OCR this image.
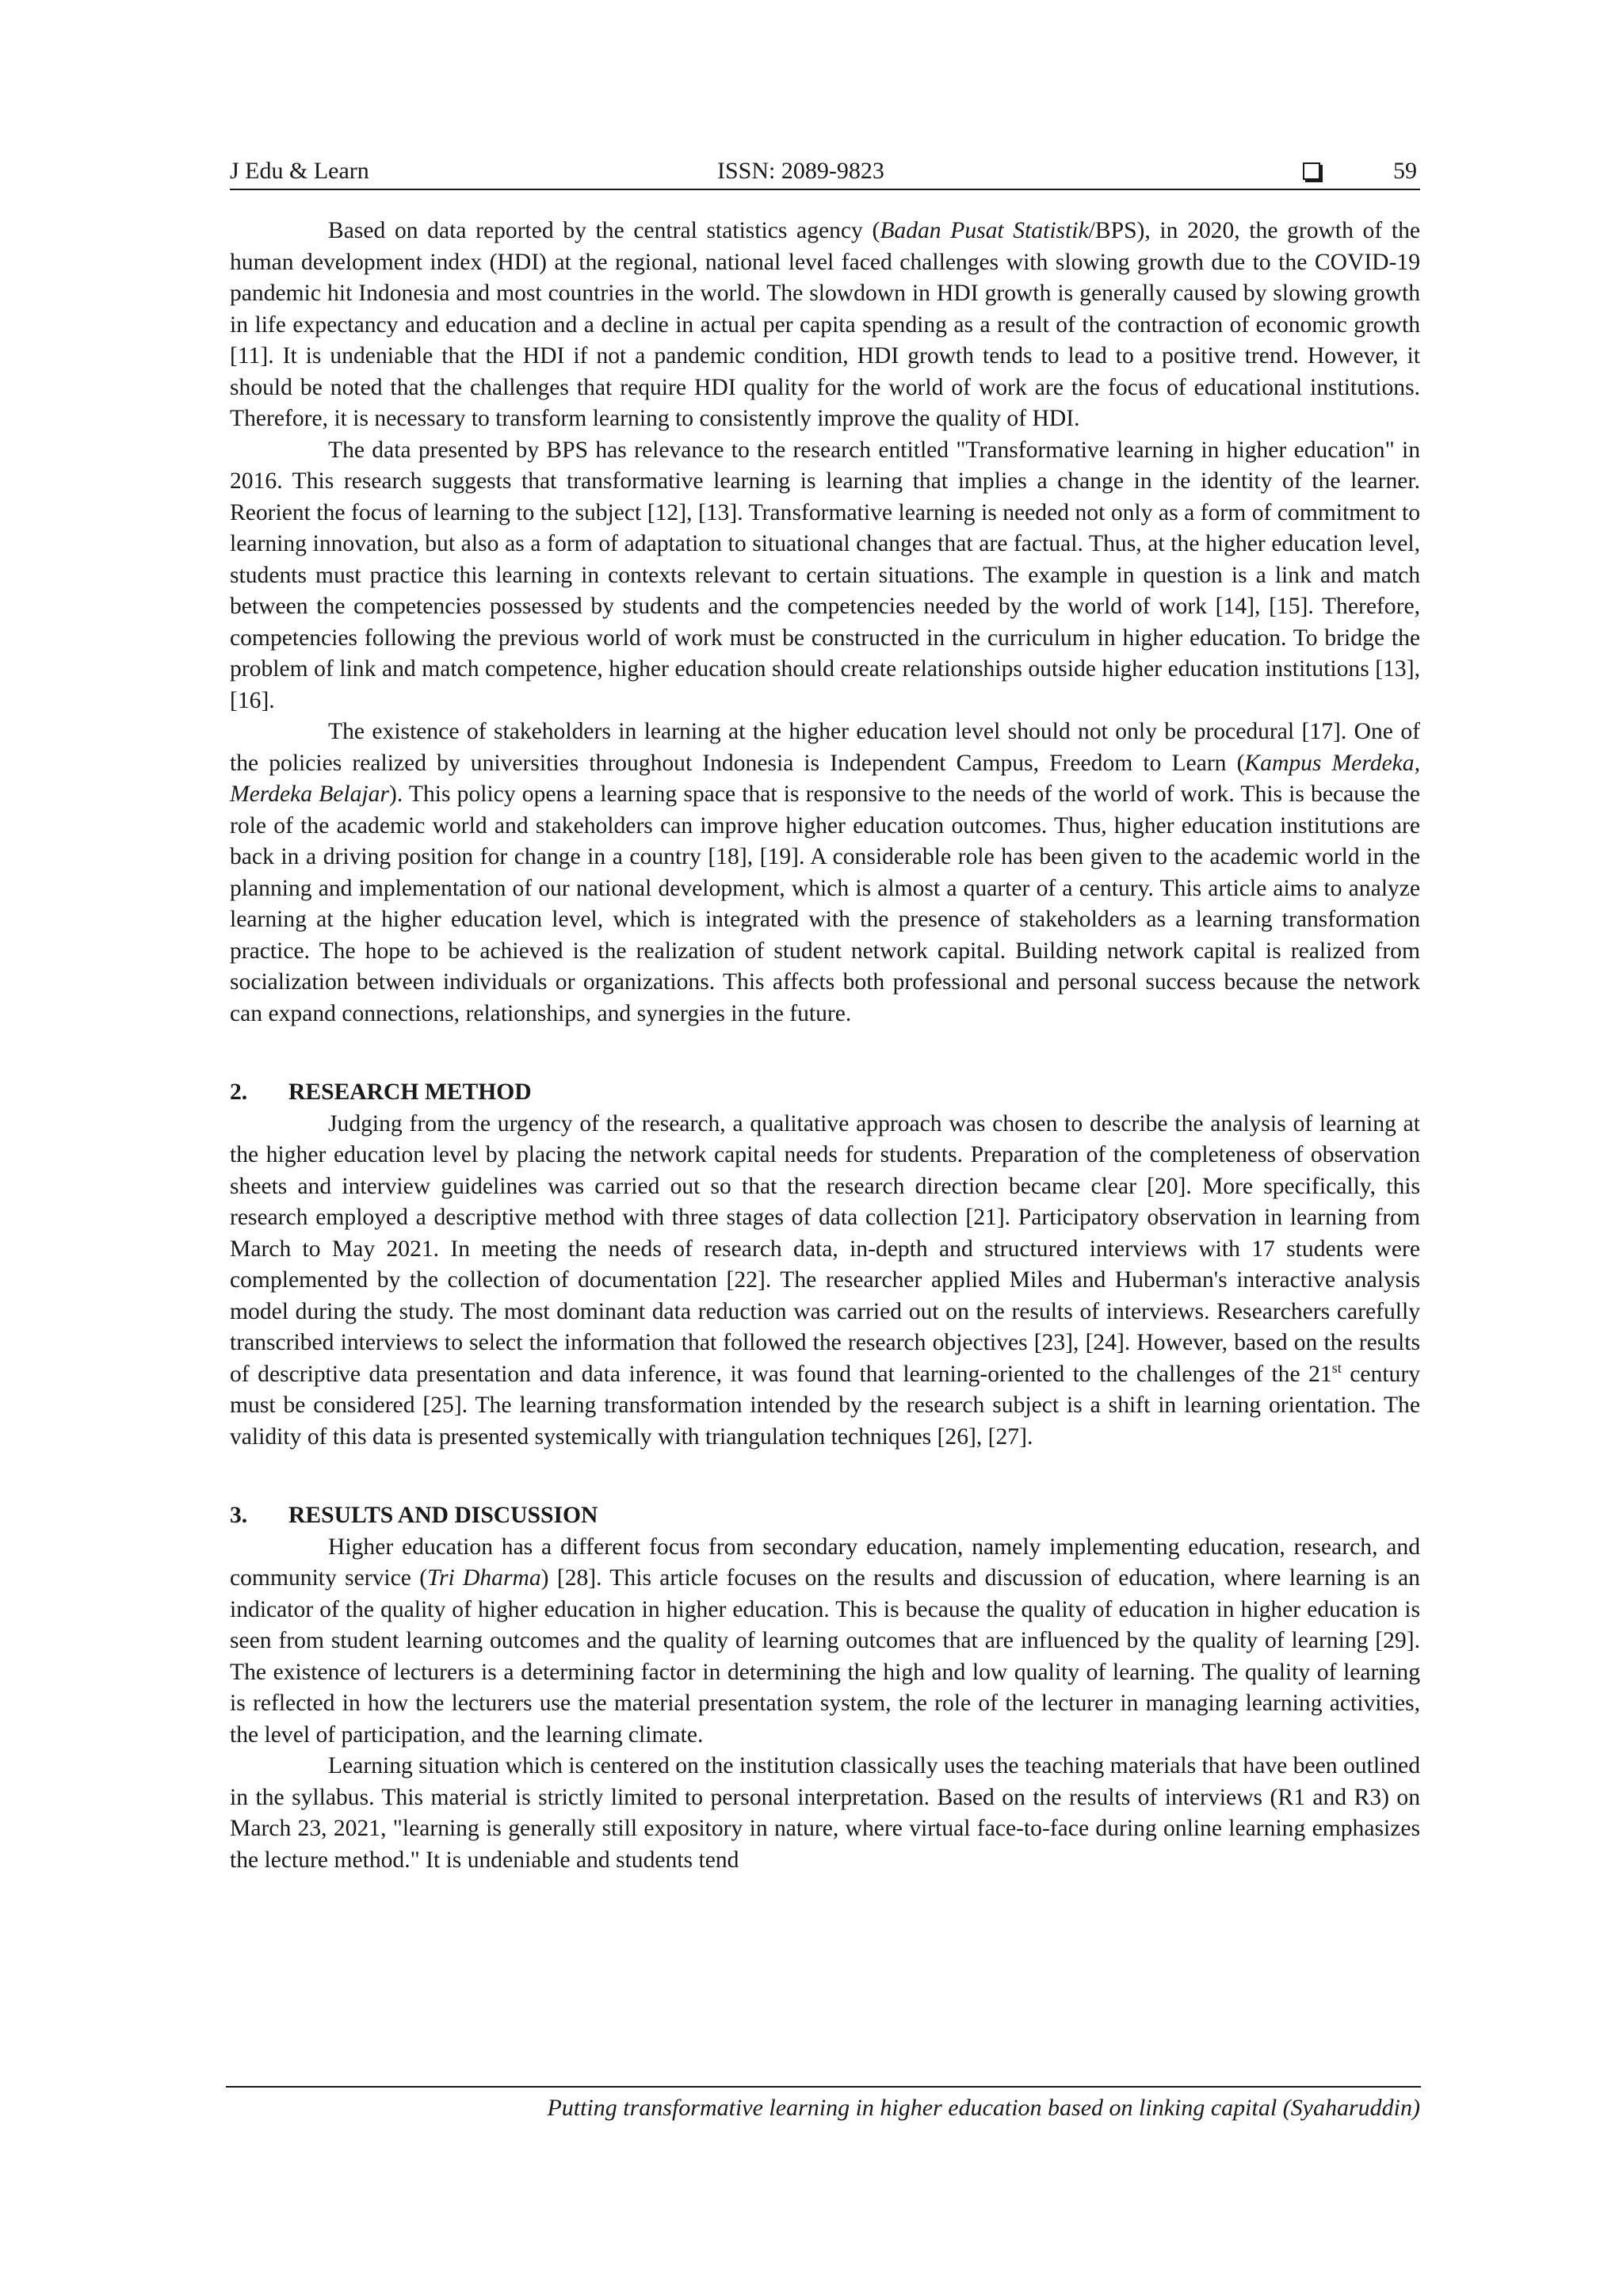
J Edu & Learn	ISSN: 2089-9823	59

Based on data reported by the central statistics agency (Badan Pusat Statistik/BPS), in 2020, the growth of the human development index (HDI) at the regional, national level faced challenges with slowing growth due to the COVID-19 pandemic hit Indonesia and most countries in the world. The slowdown in HDI growth is generally caused by slowing growth in life expectancy and education and a decline in actual per capita spending as a result of the contraction of economic growth [11]. It is undeniable that the HDI if not a pandemic condition, HDI growth tends to lead to a positive trend. However, it should be noted that the challenges that require HDI quality for the world of work are the focus of educational institutions. Therefore, it is necessary to transform learning to consistently improve the quality of HDI.

The data presented by BPS has relevance to the research entitled "Transformative learning in higher education" in 2016. This research suggests that transformative learning is learning that implies a change in the identity of the learner. Reorient the focus of learning to the subject [12], [13]. Transformative learning is needed not only as a form of commitment to learning innovation, but also as a form of adaptation to situational changes that are factual. Thus, at the higher education level, students must practice this learning in contexts relevant to certain situations. The example in question is a link and match between the competencies possessed by students and the competencies needed by the world of work [14], [15]. Therefore, competencies following the previous world of work must be constructed in the curriculum in higher education. To bridge the problem of link and match competence, higher education should create relationships outside higher education institutions [13], [16].

The existence of stakeholders in learning at the higher education level should not only be procedural [17]. One of the policies realized by universities throughout Indonesia is Independent Campus, Freedom to Learn (Kampus Merdeka, Merdeka Belajar). This policy opens a learning space that is responsive to the needs of the world of work. This is because the role of the academic world and stakeholders can improve higher education outcomes. Thus, higher education institutions are back in a driving position for change in a country [18], [19]. A considerable role has been given to the academic world in the planning and implementation of our national development, which is almost a quarter of a century. This article aims to analyze learning at the higher education level, which is integrated with the presence of stakeholders as a learning transformation practice. The hope to be achieved is the realization of student network capital. Building network capital is realized from socialization between individuals or organizations. This affects both professional and personal success because the network can expand connections, relationships, and synergies in the future.

2. RESEARCH METHOD

Judging from the urgency of the research, a qualitative approach was chosen to describe the analysis of learning at the higher education level by placing the network capital needs for students. Preparation of the completeness of observation sheets and interview guidelines was carried out so that the research direction became clear [20]. More specifically, this research employed a descriptive method with three stages of data collection [21]. Participatory observation in learning from March to May 2021. In meeting the needs of research data, in-depth and structured interviews with 17 students were complemented by the collection of documentation [22]. The researcher applied Miles and Huberman's interactive analysis model during the study. The most dominant data reduction was carried out on the results of interviews. Researchers carefully transcribed interviews to select the information that followed the research objectives [23], [24]. However, based on the results of descriptive data presentation and data inference, it was found that learning-oriented to the challenges of the 21st century must be considered [25]. The learning transformation intended by the research subject is a shift in learning orientation. The validity of this data is presented systemically with triangulation techniques [26], [27].

3. RESULTS AND DISCUSSION

Higher education has a different focus from secondary education, namely implementing education, research, and community service (Tri Dharma) [28]. This article focuses on the results and discussion of education, where learning is an indicator of the quality of higher education in higher education. This is because the quality of education in higher education is seen from student learning outcomes and the quality of learning outcomes that are influenced by the quality of learning [29]. The existence of lecturers is a determining factor in determining the high and low quality of learning. The quality of learning is reflected in how the lecturers use the material presentation system, the role of the lecturer in managing learning activities, the level of participation, and the learning climate.

Learning situation which is centered on the institution classically uses the teaching materials that have been outlined in the syllabus. This material is strictly limited to personal interpretation. Based on the results of interviews (R1 and R3) on March 23, 2021, "learning is generally still expository in nature, where virtual face-to-face during online learning emphasizes the lecture method." It is undeniable and students tend

Putting transformative learning in higher education based on linking capital (Syaharuddin)
